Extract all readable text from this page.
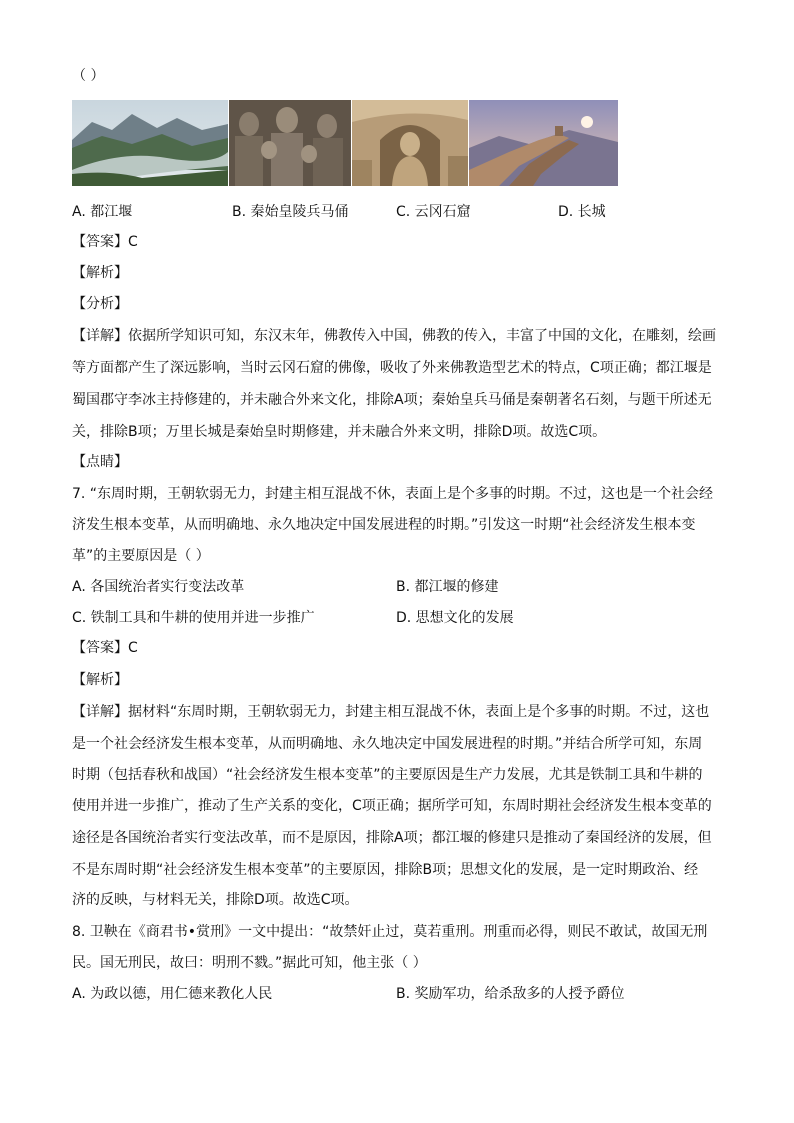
（ ）
A. 都江堰	B. 秦始皇陵兵马俑	C. 云冈石窟	D. 长城
【答案】C
【解析】
【分析】
【详解】依据所学知识可知，东汉末年，佛教传入中国，佛教的传入，丰富了中国的文化，在雕刻，绘画
等方面都产生了深远影响，当时云冈石窟的佛像，吸收了外来佛教造型艺术的特点，C项正确；都江堰是
蜀国郡守李冰主持修建的，并未融合外来文化，排除A项；秦始皇兵马俑是秦朝著名石刻，与题干所述无
关，排除B项；万里长城是秦始皇时期修建，并未融合外来文明，排除D项。故选C项。
【点睛】
7. “东周时期，王朝软弱无力，封建主相互混战不休，表面上是个多事的时期。不过，这也是一个社会经
济发生根本变革，从而明确地、永久地决定中国发展进程的时期。”引发这一时期“社会经济发生根本变
革”的主要原因是（ ）
A. 各国统治者实行变法改革	B. 都江堰的修建
C. 铁制工具和牛耕的使用并进一步推广	D. 思想文化的发展
【答案】C
【解析】
【详解】据材料“东周时期，王朝软弱无力，封建主相互混战不休，表面上是个多事的时期。不过，这也
是一个社会经济发生根本变革，从而明确地、永久地决定中国发展进程的时期。”并结合所学可知，东周
时期（包括春秋和战国）“社会经济发生根本变革”的主要原因是生产力发展，尤其是铁制工具和牛耕的
使用并进一步推广，推动了生产关系的变化，C项正确；据所学可知，东周时期社会经济发生根本变革的
途径是各国统治者实行变法改革，而不是原因，排除A项；都江堰的修建只是推动了秦国经济的发展，但
不是东周时期“社会经济发生根本变革”的主要原因，排除B项；思想文化的发展，是一定时期政治、经
济的反映，与材料无关，排除D项。故选C项。
8. 卫鞅在《商君书•赏刑》一文中提出：“故禁奸止过，莫若重刑。刑重而必得，则民不敢试，故国无刑
民。国无刑民，故曰：明刑不戮。”据此可知，他主张（ ）
A. 为政以德，用仁德来教化人民	B. 奖励军功，给杀敌多的人授予爵位
